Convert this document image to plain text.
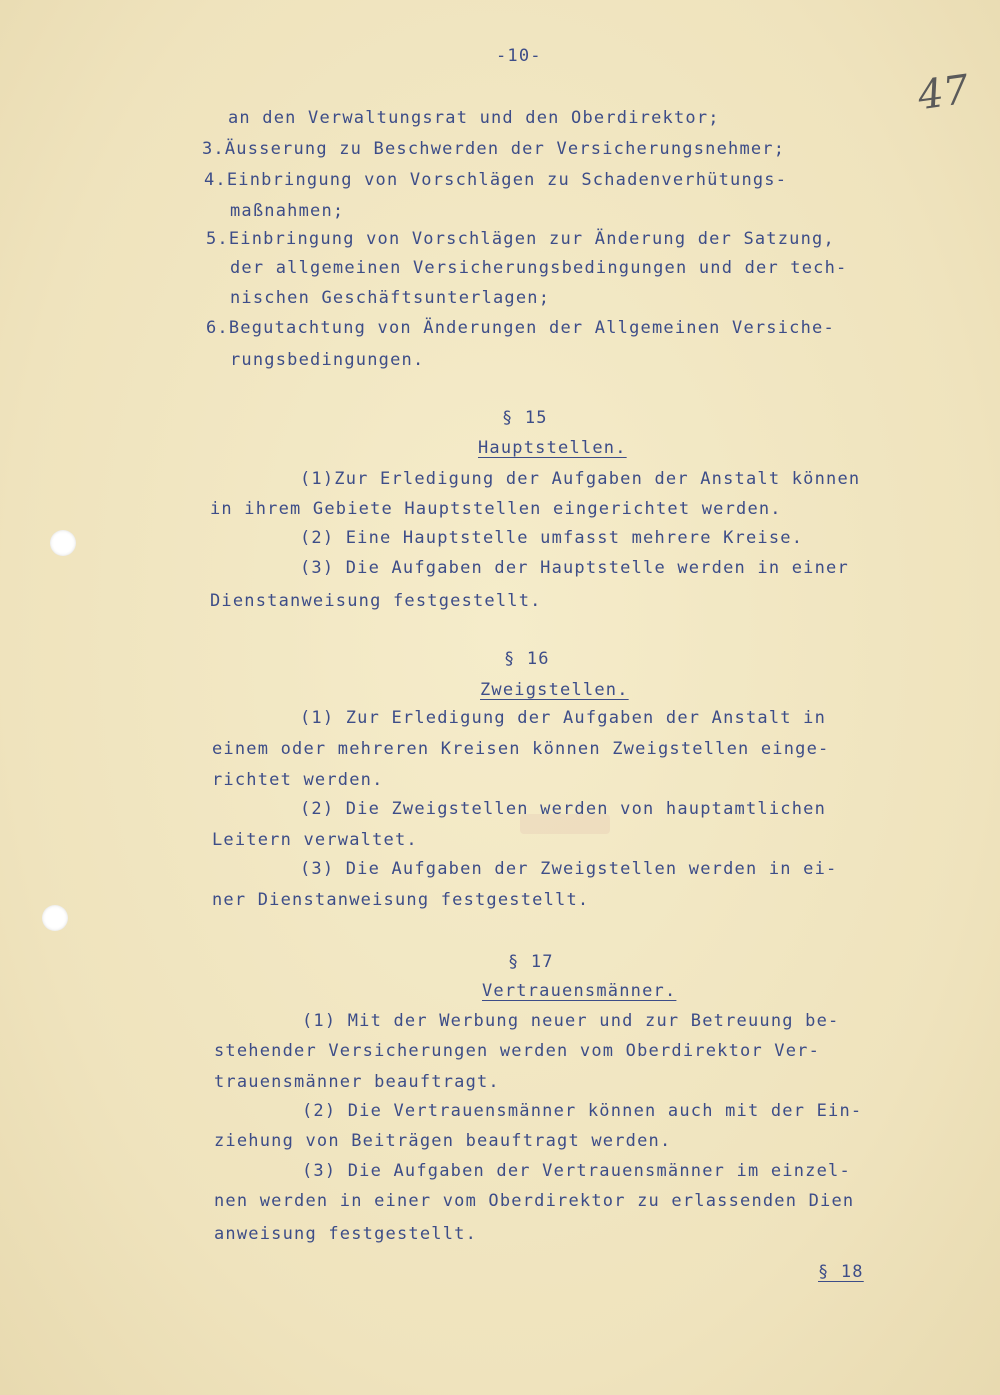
-10-
47
an den Verwaltungsrat und den Oberdirektor;
3.Äusserung zu Beschwerden der Versicherungsnehmer;
4.Einbringung von Vorschlägen zu Schadenverhütungs-
maßnahmen;
5.Einbringung von Vorschlägen zur Änderung der Satzung,
der allgemeinen Versicherungsbedingungen und der tech-
nischen Geschäftsunterlagen;
6.Begutachtung von Änderungen der Allgemeinen Versiche-
rungsbedingungen.
§ 15
Hauptstellen.
(1)Zur Erledigung der Aufgaben der Anstalt können
in ihrem Gebiete Hauptstellen eingerichtet werden.
(2) Eine Hauptstelle umfasst mehrere Kreise.
(3) Die Aufgaben der Hauptstelle werden in einer
Dienstanweisung festgestellt.
§ 16
Zweigstellen.
(1) Zur Erledigung der Aufgaben der Anstalt in
einem oder mehreren Kreisen können Zweigstellen einge-
richtet werden.
(2) Die Zweigstellen werden von hauptamtlichen
Leitern verwaltet.
(3) Die Aufgaben der Zweigstellen werden in ei-
ner Dienstanweisung festgestellt.
§ 17
Vertrauensmänner.
(1) Mit der Werbung neuer und zur Betreuung be-
stehender Versicherungen werden vom Oberdirektor Ver-
trauensmänner beauftragt.
(2) Die Vertrauensmänner können auch mit der Ein-
ziehung von Beiträgen beauftragt werden.
(3) Die Aufgaben der Vertrauensmänner im einzel-
nen werden in einer vom Oberdirektor zu erlassenden Dien
anweisung festgestellt.
§ 18
